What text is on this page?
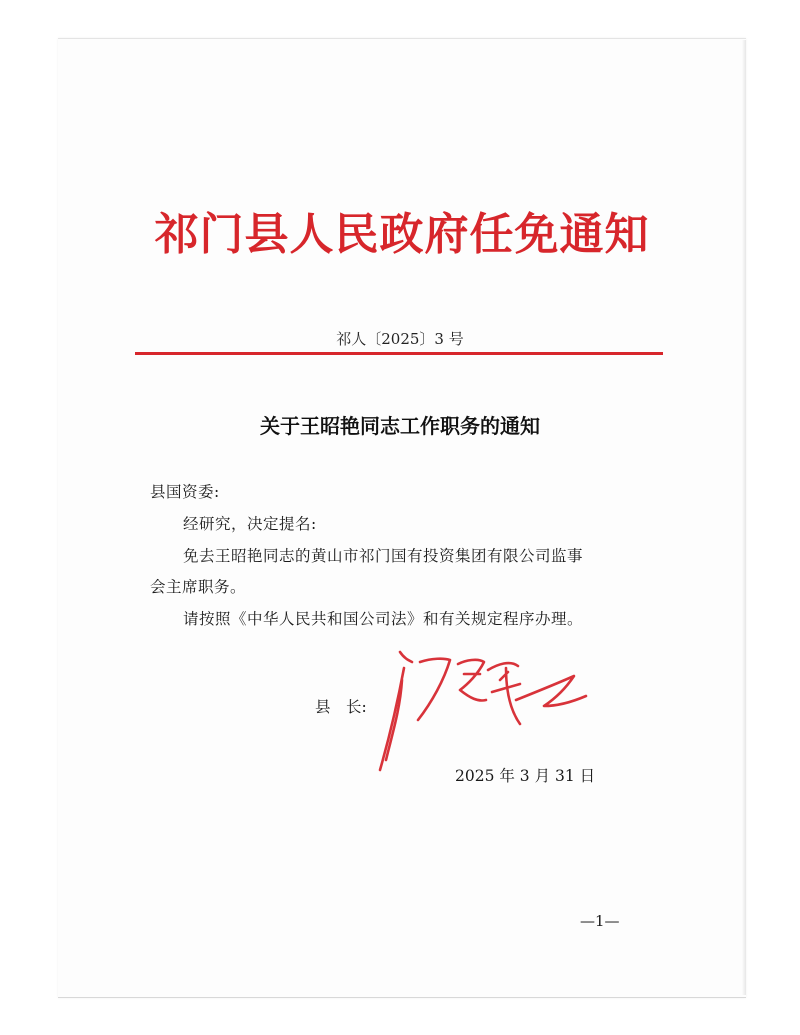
祁门县人民政府任免通知
祁人〔2025〕3 号
关于王昭艳同志工作职务的通知
县国资委:
经研究，决定提名:
免去王昭艳同志的黄山市祁门国有投资集团有限公司监事
会主席职务。
请按照《中华人民共和国公司法》和有关规定程序办理。
县　长:
2025 年 3 月 31 日
—1—
